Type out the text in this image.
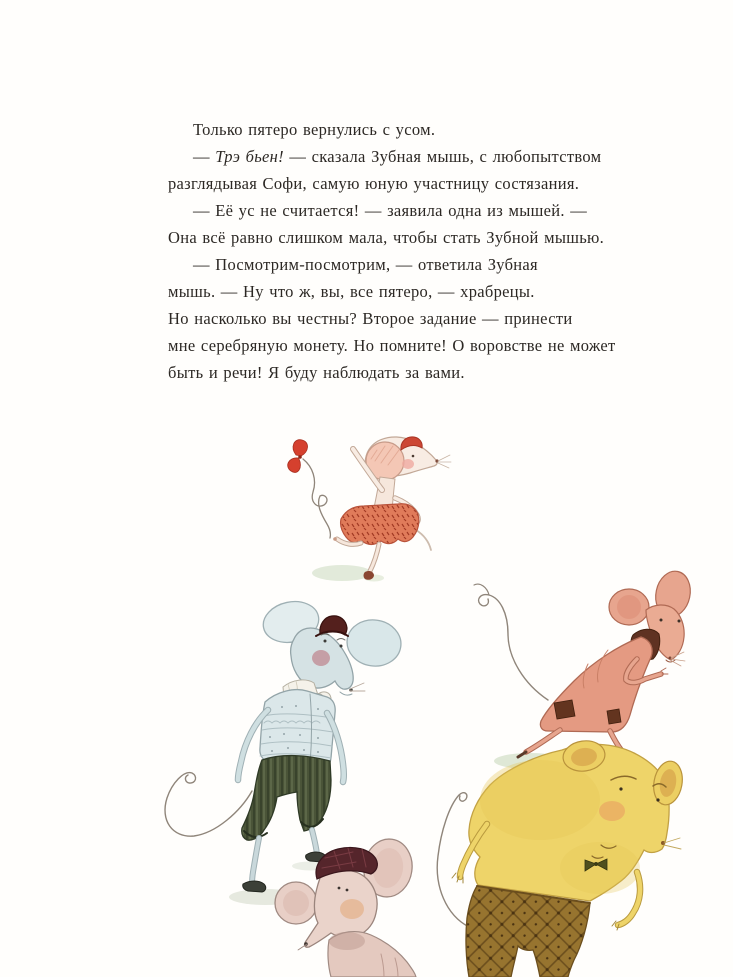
Только пятеро вернулись с усом.
— Трэ бьен! — сказала Зубная мышь, с любопытством
разглядывая Софи, самую юную участницу состязания.
— Её ус не считается! — заявила одна из мышей. —
Она всё равно слишком мала, чтобы стать Зубной мышью.
— Посмотрим-посмотрим, — ответила Зубная
мышь. — Ну что ж, вы, все пятеро, — храбрецы.
Но насколько вы честны? Второе задание — принести
мне серебряную монету. Но помните! О воровстве не может
быть и речи! Я буду наблюдать за вами.
